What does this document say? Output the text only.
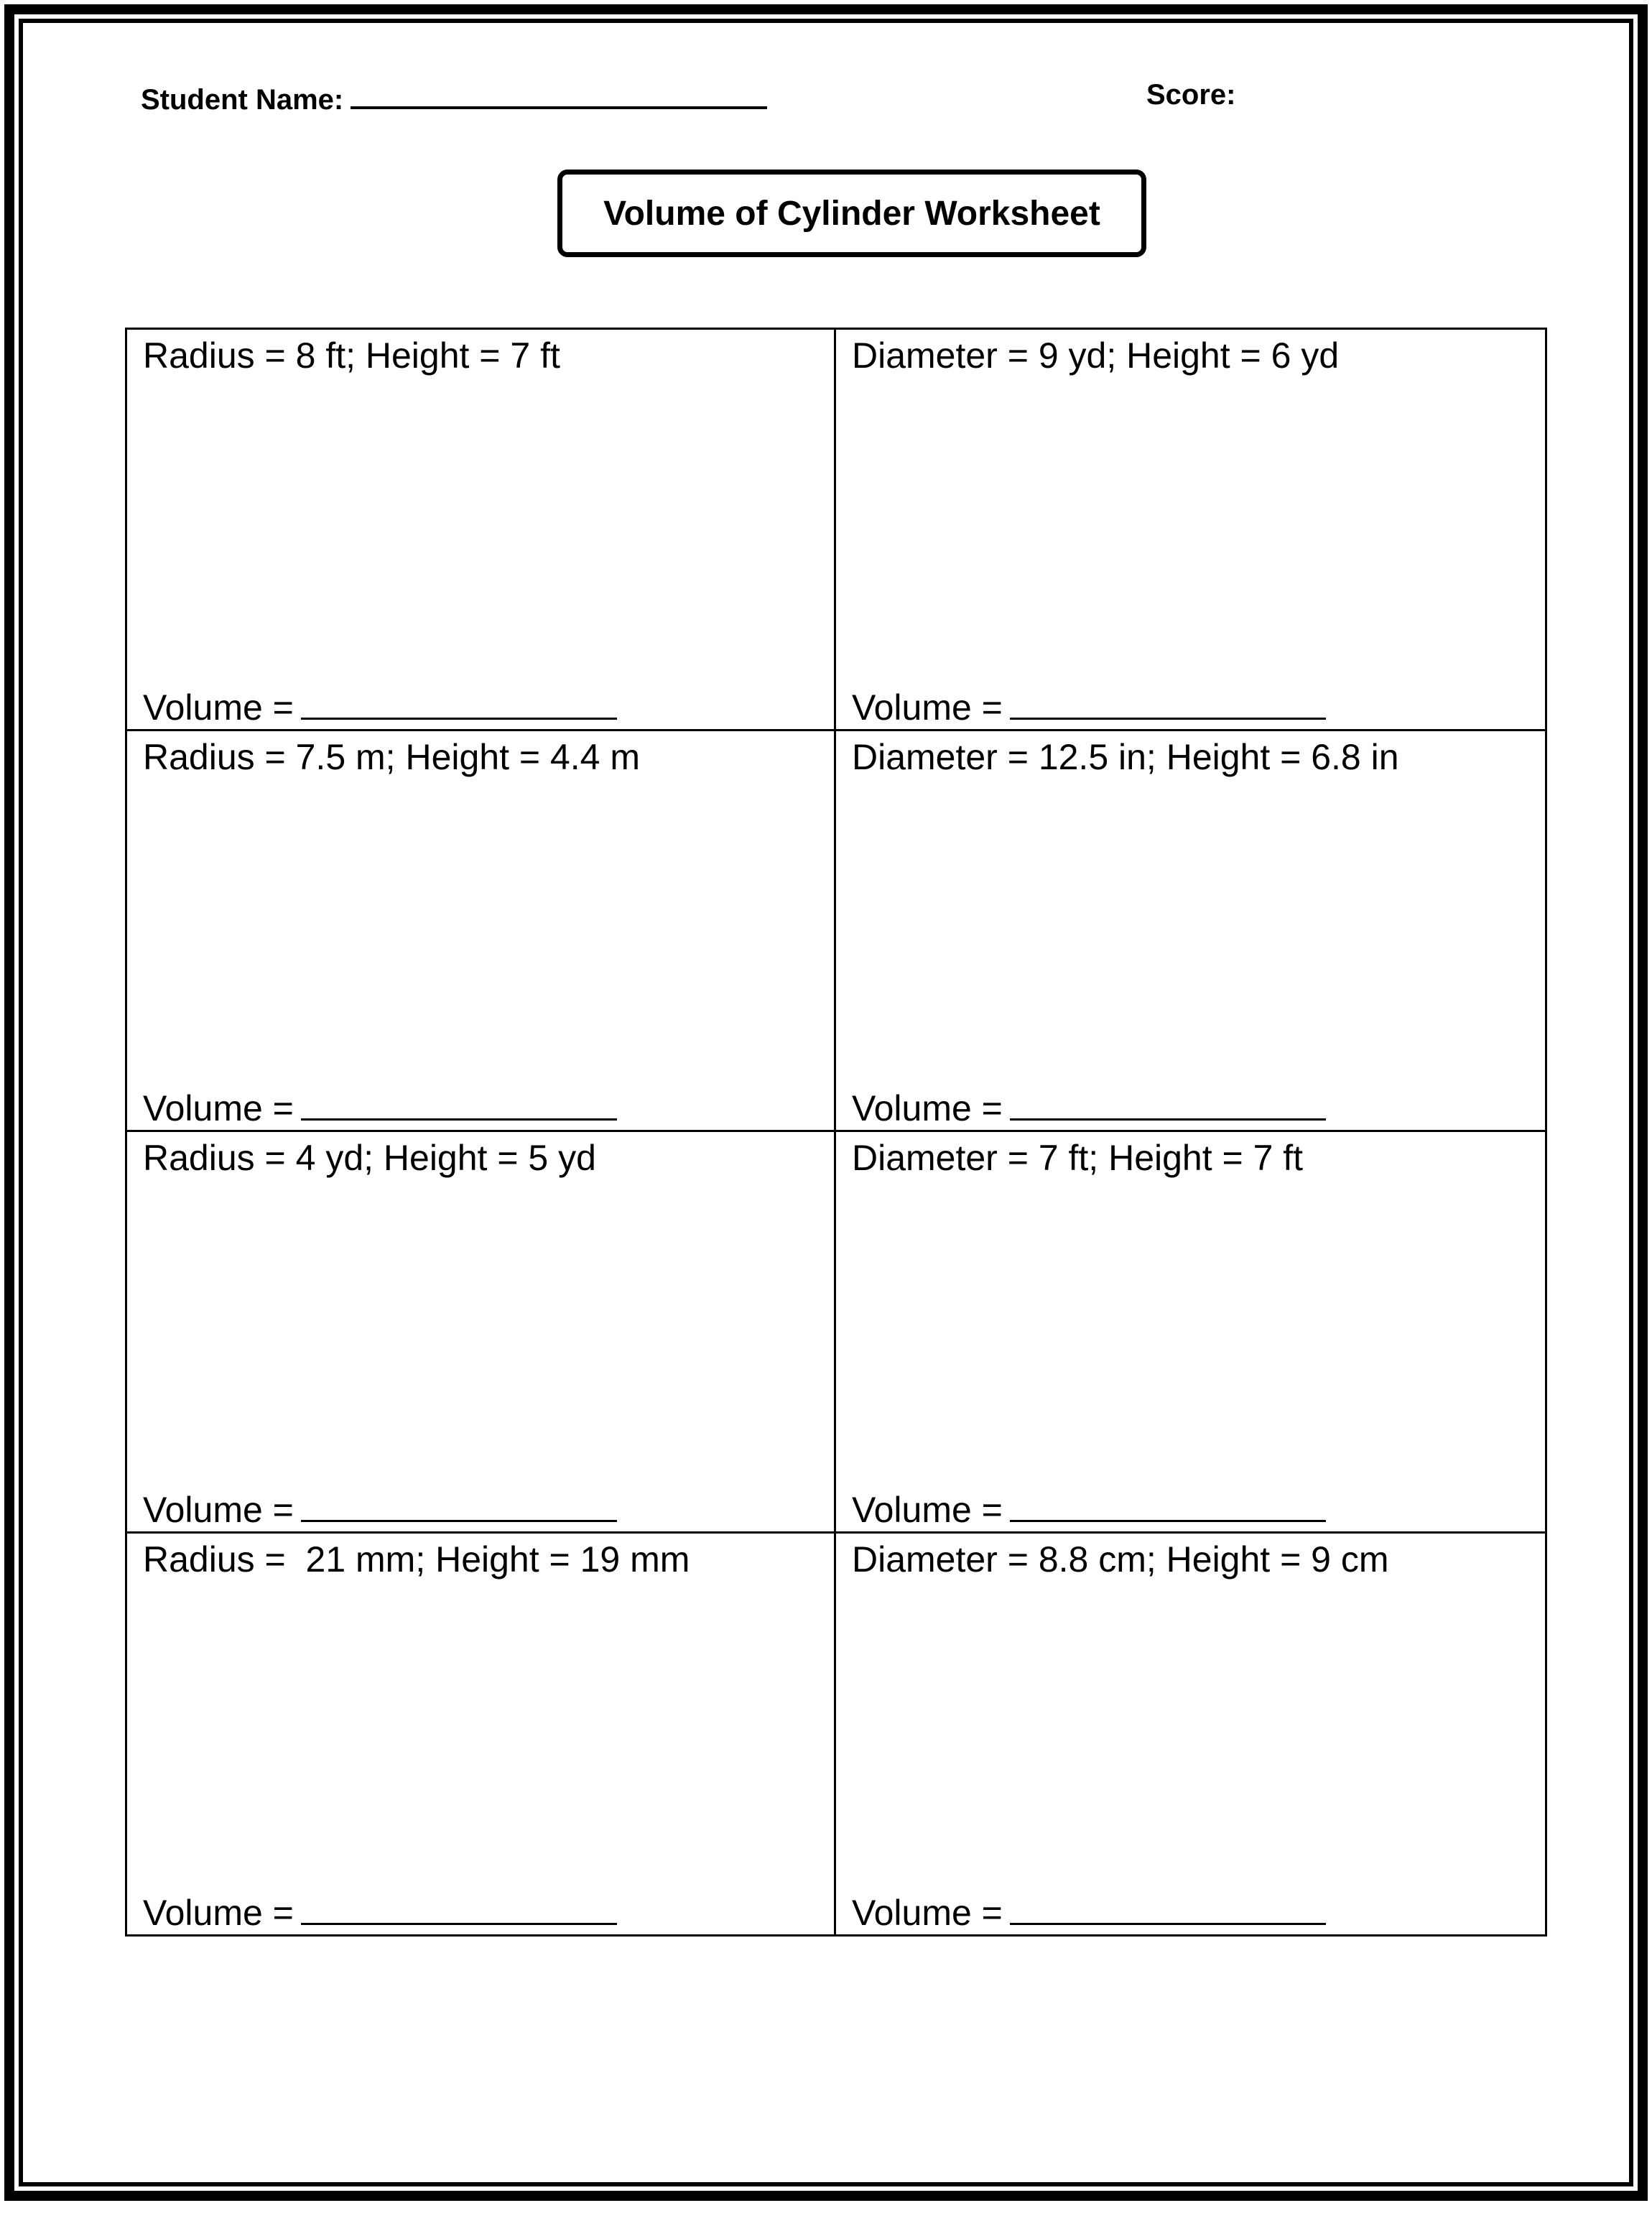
Student Name:	Score:
Volume of Cylinder Worksheet
Radius = 8 ft; Height = 7 ft
Volume =
Diameter = 9 yd; Height = 6 yd
Volume =
Radius = 7.5 m; Height = 4.4 m
Volume =
Diameter = 12.5 in; Height = 6.8 in
Volume =
Radius = 4 yd; Height = 5 yd
Volume =
Diameter = 7 ft; Height = 7 ft
Volume =
Radius =  21 mm; Height = 19 mm
Volume =
Diameter = 8.8 cm; Height = 9 cm
Volume =
